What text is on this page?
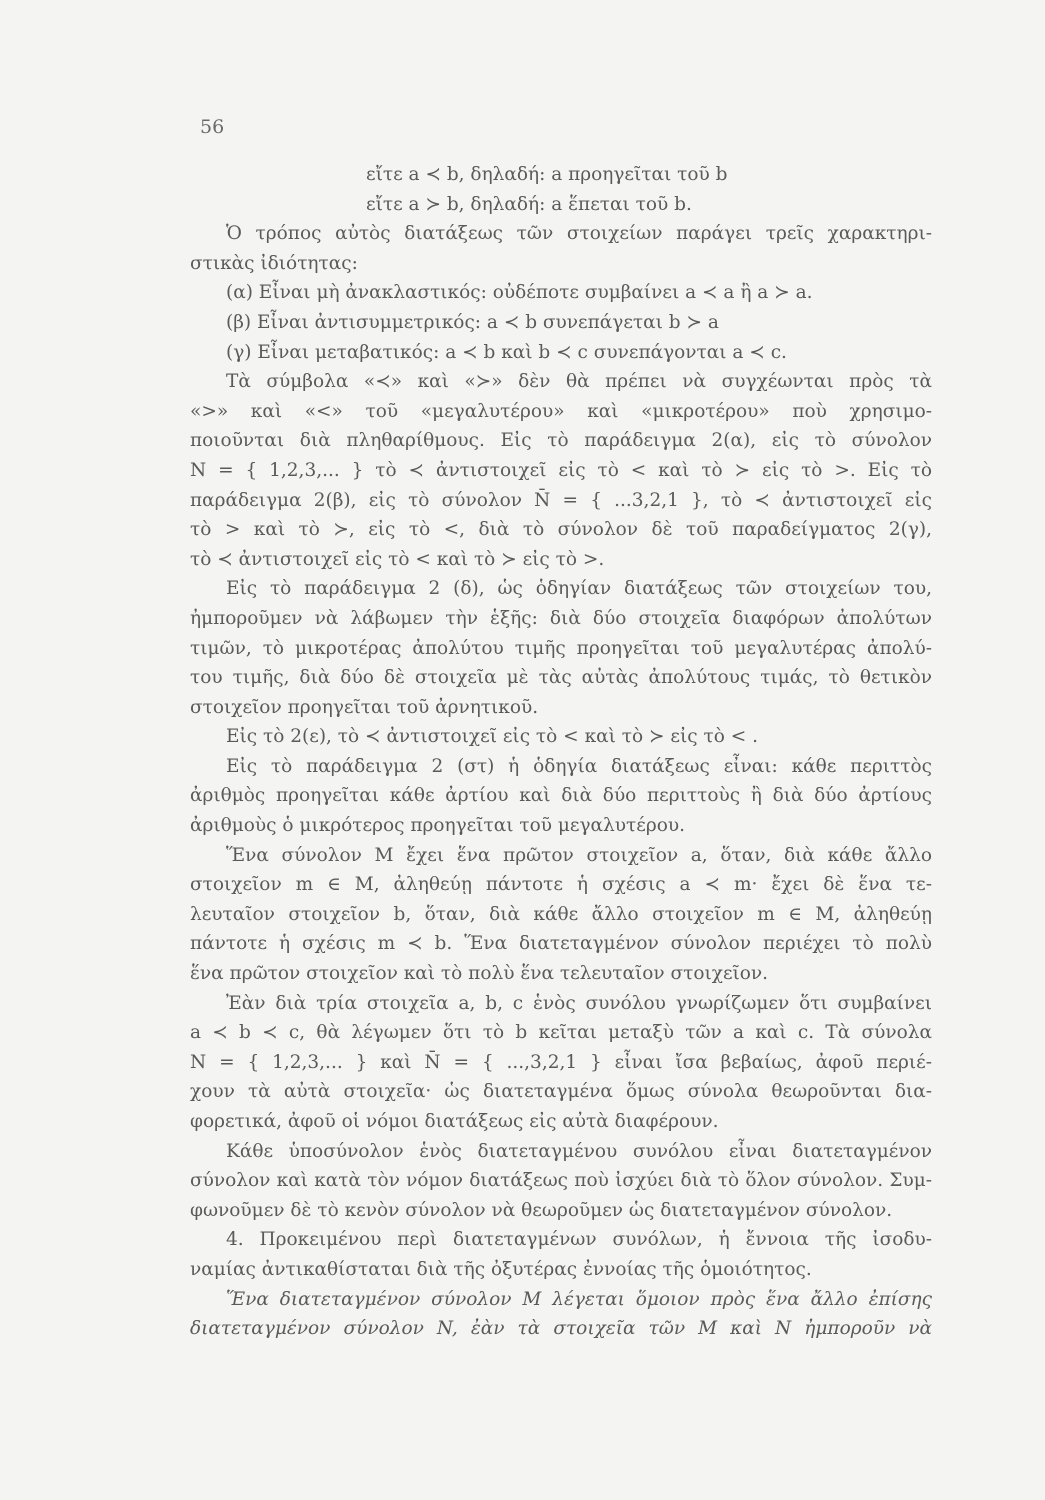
56
εἴτε a ≺ b, δηλαδή: a προηγεῖται τοῦ b
εἴτε a ≻ b, δηλαδή: a ἕπεται τοῦ b.
Ὁ τρόπος αὐτὸς διατάξεως τῶν στοιχείων παράγει τρεῖς χαρακτηρι-
στικὰς ἰδιότητας:
(α) Εἶναι μὴ ἀνακλαστικός: οὐδέποτε συμβαίνει a ≺ a ἢ a ≻ a.
(β) Εἶναι ἀντισυμμετρικός: a ≺ b συνεπάγεται b ≻ a
(γ) Εἶναι μεταβατικός: a ≺ b καὶ b ≺ c συνεπάγονται a ≺ c.
Τὰ σύμβολα «≺» καὶ «≻» δὲν θὰ πρέπει νὰ συγχέωνται πρὸς τὰ
«>» καὶ «<» τοῦ «μεγαλυτέρου» καὶ «μικροτέρου» ποὺ χρησιμο-
ποιοῦνται διὰ πληθαρίθμους. Εἰς τὸ παράδειγμα 2(α), εἰς τὸ σύνολον
N = { 1,2,3,... } τὸ ≺ ἀντιστοιχεῖ εἰς τὸ < καὶ τὸ ≻ εἰς τὸ >. Εἰς τὸ
παράδειγμα 2(β), εἰς τὸ σύνολον N̄ = { ...3,2,1 }, τὸ ≺ ἀντιστοιχεῖ εἰς
τὸ > καὶ τὸ ≻, εἰς τὸ <, διὰ τὸ σύνολον δὲ τοῦ παραδείγματος 2(γ),
τὸ ≺ ἀντιστοιχεῖ εἰς τὸ < καὶ τὸ ≻ εἰς τὸ >.
Εἰς τὸ παράδειγμα 2 (δ), ὡς ὁδηγίαν διατάξεως τῶν στοιχείων του,
ἠμποροῦμεν νὰ λάβωμεν τὴν ἑξῆς: διὰ δύο στοιχεῖα διαφόρων ἀπολύτων
τιμῶν, τὸ μικροτέρας ἀπολύτου τιμῆς προηγεῖται τοῦ μεγαλυτέρας ἀπολύ-
του τιμῆς, διὰ δύο δὲ στοιχεῖα μὲ τὰς αὐτὰς ἀπολύτους τιμάς, τὸ θετικὸν
στοιχεῖον προηγεῖται τοῦ ἀρνητικοῦ.
Εἰς τὸ 2(ε), τὸ ≺ ἀντιστοιχεῖ εἰς τὸ < καὶ τὸ ≻ εἰς τὸ < .
Εἰς τὸ παράδειγμα 2 (στ) ἡ ὁδηγία διατάξεως εἶναι: κάθε περιττὸς
ἀριθμὸς προηγεῖται κάθε ἀρτίου καὶ διὰ δύο περιττοὺς ἢ διὰ δύο ἀρτίους
ἀριθμοὺς ὁ μικρότερος προηγεῖται τοῦ μεγαλυτέρου.
Ἕνα σύνολον M ἔχει ἕνα πρῶτον στοιχεῖον a, ὅταν, διὰ κάθε ἄλλο
στοιχεῖον m ∈ M, ἀληθεύῃ πάντοτε ἡ σχέσις a ≺ m· ἔχει δὲ ἕνα τε-
λευταῖον στοιχεῖον b, ὅταν, διὰ κάθε ἄλλο στοιχεῖον m ∈ M, ἀληθεύῃ
πάντοτε ἡ σχέσις m ≺ b. Ἕνα διατεταγμένον σύνολον περιέχει τὸ πολὺ
ἕνα πρῶτον στοιχεῖον καὶ τὸ πολὺ ἕνα τελευταῖον στοιχεῖον.
Ἐὰν διὰ τρία στοιχεῖα a, b, c ἑνὸς συνόλου γνωρίζωμεν ὅτι συμβαίνει
a ≺ b ≺ c, θὰ λέγωμεν ὅτι τὸ b κεῖται μεταξὺ τῶν a καὶ c. Τὰ σύνολα
N = { 1,2,3,... } καὶ N̄ = { ...,3,2,1 } εἶναι ἴσα βεβαίως, ἀφοῦ περιέ-
χουν τὰ αὐτὰ στοιχεῖα· ὡς διατεταγμένα ὅμως σύνολα θεωροῦνται δια-
φορετικά, ἀφοῦ οἱ νόμοι διατάξεως εἰς αὐτὰ διαφέρουν.
Κάθε ὑποσύνολον ἑνὸς διατεταγμένου συνόλου εἶναι διατεταγμένον
σύνολον καὶ κατὰ τὸν νόμον διατάξεως ποὺ ἰσχύει διὰ τὸ ὅλον σύνολον. Συμ-
φωνοῦμεν δὲ τὸ κενὸν σύνολον νὰ θεωροῦμεν ὡς διατεταγμένον σύνολον.
4. Προκειμένου περὶ διατεταγμένων συνόλων, ἡ ἔννοια τῆς ἰσοδυ-
ναμίας ἀντικαθίσταται διὰ τῆς ὀξυτέρας ἐννοίας τῆς ὁμοιότητος.
Ἕνα διατεταγμένον σύνολον M λέγεται ὅμοιον πρὸς ἕνα ἄλλο ἐπίσης
διατεταγμένον σύνολον N, ἐὰν τὰ στοιχεῖα τῶν M καὶ N ἠμποροῦν νὰ
